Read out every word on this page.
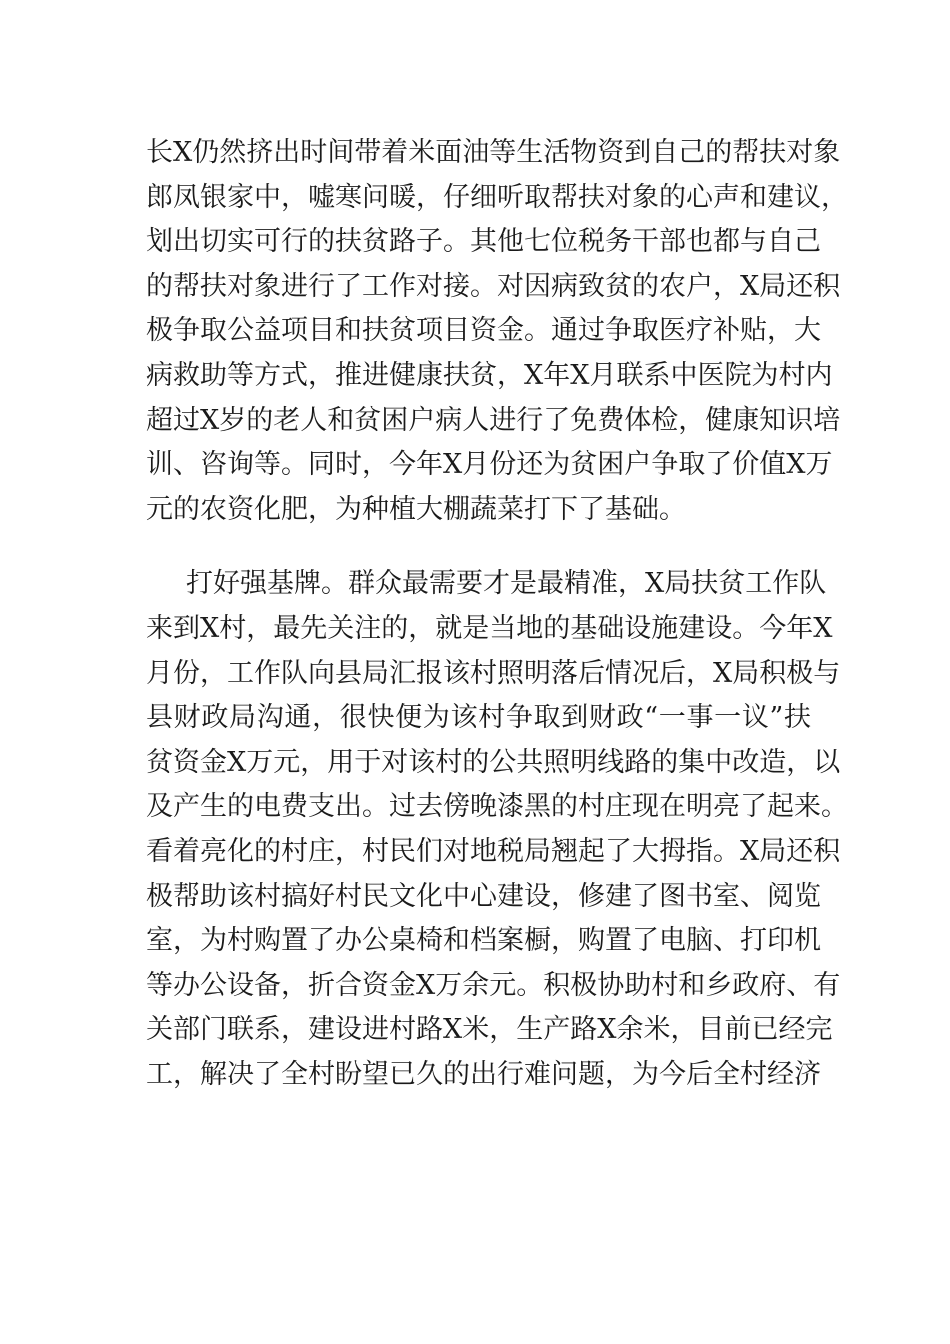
长X仍然挤出时间带着米面油等生活物资到自己的帮扶对象
郎凤银家中，嘘寒问暖，仔细听取帮扶对象的心声和建议，
划出切实可行的扶贫路子。其他七位税务干部也都与自己
的帮扶对象进行了工作对接。对因病致贫的农户，X局还积
极争取公益项目和扶贫项目资金。通过争取医疗补贴，大
病救助等方式，推进健康扶贫，X年X月联系中医院为村内
超过X岁的老人和贫困户病人进行了免费体检，健康知识培
训、咨询等。同时，今年X月份还为贫困户争取了价值X万
元的农资化肥，为种植大棚蔬菜打下了基础。
打好强基牌。群众最需要才是最精准，X局扶贫工作队
来到X村，最先关注的，就是当地的基础设施建设。今年X
月份，工作队向县局汇报该村照明落后情况后，X局积极与
县财政局沟通，很快便为该村争取到财政“一事一议”扶
贫资金X万元，用于对该村的公共照明线路的集中改造，以
及产生的电费支出。过去傍晚漆黑的村庄现在明亮了起来。
看着亮化的村庄，村民们对地税局翘起了大拇指。X局还积
极帮助该村搞好村民文化中心建设，修建了图书室、阅览
室，为村购置了办公桌椅和档案橱，购置了电脑、打印机
等办公设备，折合资金X万余元。积极协助村和乡政府、有
关部门联系，建设进村路X米，生产路X余米，目前已经完
工，解决了全村盼望已久的出行难问题，为今后全村经济
